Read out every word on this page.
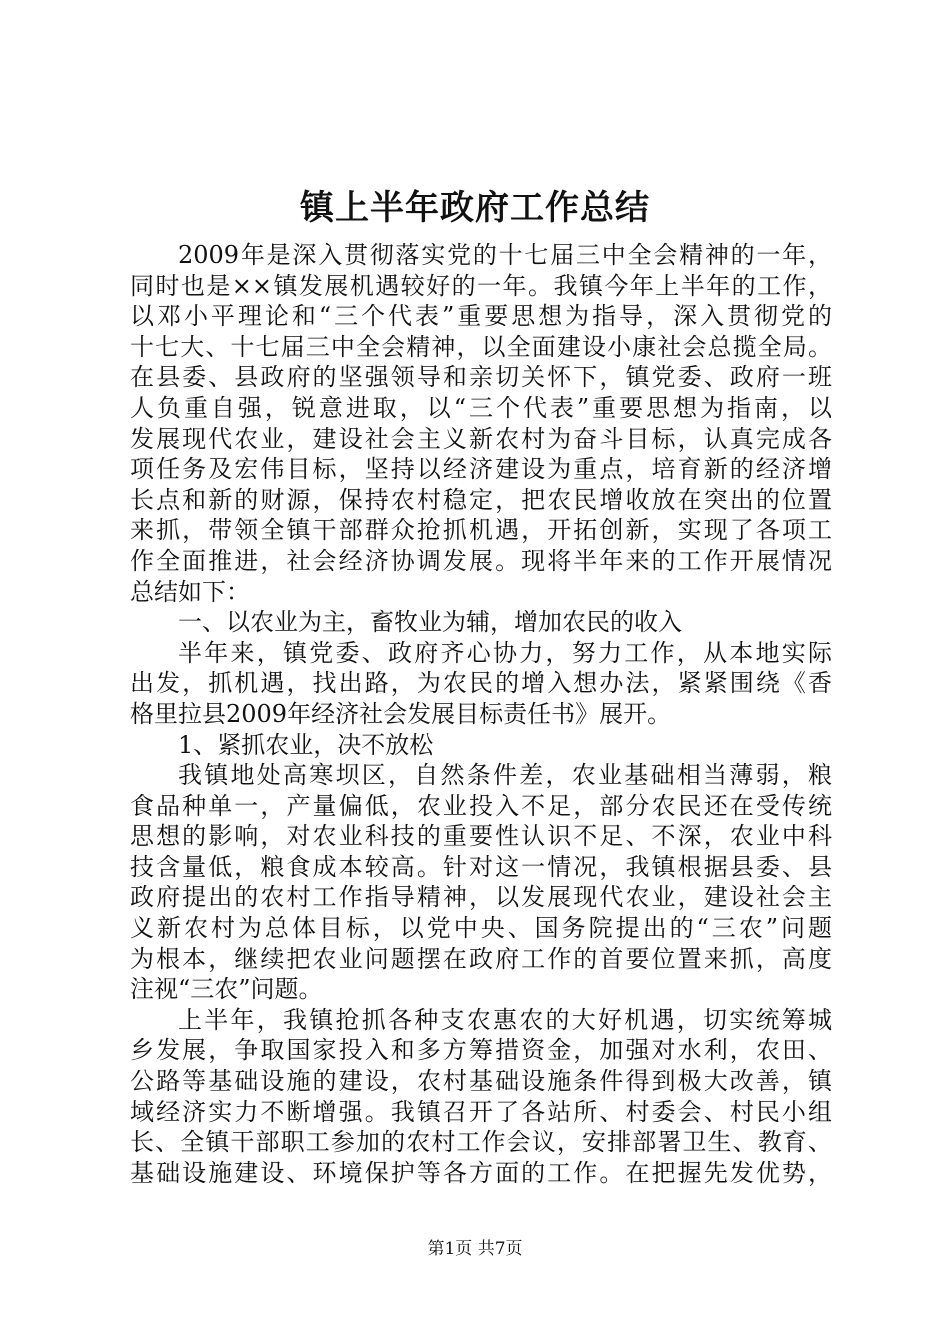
镇上半年政府工作总结
2009年是深入贯彻落实党的十七届三中全会精神的一年，
同时也是××镇发展机遇较好的一年。我镇今年上半年的工作，
以邓小平理论和“三个代表”重要思想为指导，深入贯彻党的
十七大、十七届三中全会精神，以全面建设小康社会总揽全局。
在县委、县政府的坚强领导和亲切关怀下，镇党委、政府一班
人负重自强，锐意进取，以“三个代表”重要思想为指南，以
发展现代农业，建设社会主义新农村为奋斗目标，认真完成各
项任务及宏伟目标，坚持以经济建设为重点，培育新的经济增
长点和新的财源，保持农村稳定，把农民增收放在突出的位置
来抓，带领全镇干部群众抢抓机遇，开拓创新，实现了各项工
作全面推进，社会经济协调发展。现将半年来的工作开展情况
总结如下：
一、以农业为主，畜牧业为辅，增加农民的收入
半年来，镇党委、政府齐心协力，努力工作，从本地实际
出发，抓机遇，找出路，为农民的增入想办法，紧紧围绕《香
格里拉县2009年经济社会发展目标责任书》展开。
1、紧抓农业，决不放松
我镇地处高寒坝区，自然条件差，农业基础相当薄弱，粮
食品种单一，产量偏低，农业投入不足，部分农民还在受传统
思想的影响，对农业科技的重要性认识不足、不深，农业中科
技含量低，粮食成本较高。针对这一情况，我镇根据县委、县
政府提出的农村工作指导精神，以发展现代农业，建设社会主
义新农村为总体目标，以党中央、国务院提出的“三农”问题
为根本，继续把农业问题摆在政府工作的首要位置来抓，高度
注视“三农”问题。
上半年，我镇抢抓各种支农惠农的大好机遇，切实统筹城
乡发展，争取国家投入和多方筹措资金，加强对水利，农田、
公路等基础设施的建设，农村基础设施条件得到极大改善，镇
域经济实力不断增强。我镇召开了各站所、村委会、村民小组
长、全镇干部职工参加的农村工作会议，安排部署卫生、教育、
基础设施建设、环境保护等各方面的工作。在把握先发优势，
第1页 共7页
